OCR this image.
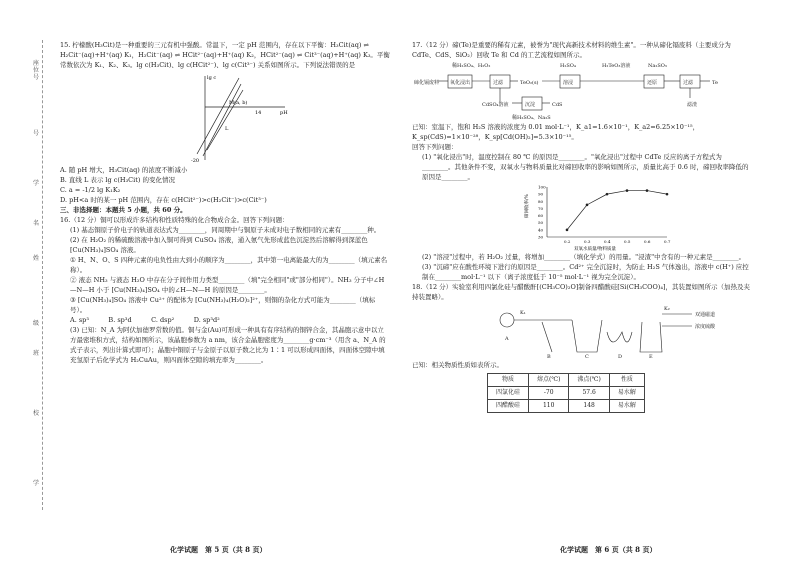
座位号
号
学
名
姓
级
班
校
学

15. 柠檬酸(H₃Cit)是一种重要的三元有机中强酸。常温下，一定 pH 范围内，存在以下平衡：H₃Cit(aq) ⇌ H₂Cit⁻(aq)+H⁺(aq) K₁，H₂Cit⁻(aq) ⇌ HCit²⁻(aq)+H⁺(aq) K₂，HCit²⁻(aq) ⇌ Cit³⁻(aq)+H⁺(aq) K₃。平衡常数依次为 K₁、K₂、K₃。lg c(H₃Cit)、lg c(HCit²⁻)、lg c(Cit³⁻) 关系如图所示。下列说法错误的是

lg c
pH
-20
14
L
M(a, b)

A. 随 pH 增大，H₃Cit(aq) 的浓度不断减小

B. 直线 L 表示 lg c(H₃Cit) 的变化情况

C. a = -1/2 lg K₁K₂

D. pH<a 时的某一 pH 范围内，存在 c(HCit²⁻)>c(H₂Cit⁻)>c(Cit³⁻)

三、非选择题：本题共 5 小题，共 60 分。

16.（12 分）铜可以形成许多结构和性质特殊的化合物成合金。回答下列问题：

(1) 基态铜原子价电子的轨道表达式为________，同周期中与铜原子未成对电子数相同的元素有________种。

(2) 在 H₂O₂ 的稀硫酸溶液中加入铜可得到 CuSO₄ 溶液，通入氨气先形成蓝色沉淀然后溶解得到深蓝色 [Cu(NH₃)₄]SO₄ 溶液。

① H、N、O、S 四种元素的电负性由大到小的顺序为________，其中第一电离能最大的为________（填元素名称）。

② 液态 NH₃ 与液态 H₂O 中存在分子间作用力类型________（填"完全相同"或"部分相同"）。NH₃ 分子中∠H—N—H 小于 [Cu(NH₃)₄]SO₄ 中的∠H—N—H 的原因是________。

③ [Cu(NH₃)₄]SO₄ 溶液中 Cu²⁺ 的配体为 [Cu(NH₃)₄(H₂O)₂]²⁺，则铜的杂化方式可能为________（填标号）。

A. sp³　　　B. sp³d　　　C. dsp²　　　D. sp³d²

(3) 已知：N_A 为阿伏加德罗常数的值。铜与金(Au)可形成一种具有有序结构的铜锌合金，其晶胞示意中以立方最密堆积方式，结构如图所示，该晶胞参数为 a nm，该合金晶胞密度为________g·cm⁻³（用含 a、N_A 的式子表示，列出计算式即可）；晶胞中铜原子与金原子以原子数之比为 1∶1 可以形成四面体，四面体空隙中填充氢原子后化学式为 H₂CuAu，则四面体空隙的填充率为________。

化学试题　第 5 页（共 8 页）

17.（12 分）碲(Te)是重要的稀有元素，被誉为"现代高新技术材料的维生素"。一种从碲化镉废料（主要成分为 CdTe、CdS、SiO₂）回收 Te 和 Cd 的工艺流程如图所示。

稀H₂SO₄、H₂O₂	H₂SO₄	H₂TeO₃溶液	Na₂SO₃
碲化镉废料 氧化浸出	过滤	TeO₂(s)	溶浸	还原	过滤	Te
CdSO₄溶液	沉淀	CdS	滤渣
稀H₂SO₄、Na₂S

已知：室温下，饱和 H₂S 溶液的浓度为 0.01 mol·L⁻¹，K_a1=1.6×10⁻¹，K_a2=6.25×10⁻¹⁵，K_sp(CdS)=1×10⁻²⁸，K_sp[Cd(OH)₂]=5.3×10⁻¹⁵。

回答下列问题：

(1) "氧化浸出"时，温度控制在 80 ℃ 的原因是________。"氧化浸出"过程中 CdTe 反应的离子方程式为________。其他条件不变，双氧水与物料质量比对碲回收率的影响如图所示，质量比高于 0.6 时，碲回收率降低的原因是________。

碲回收率/%
双氧水质量/物料质量
0.2	0.3	0.4	0.5	0.6	0.7
30
40
50
60
70
80
90
100

(2) "溶浸"过程中，若 H₂O₂ 过量，将增加________（填化学式）的用量。"浸渣"中含有的一种元素是________。

(3) "沉碲"应在酸性环境下进行的原因是________。Cd²⁺ 完全沉淀时，为防止 H₂S 气体逸出，溶液中 c(H⁺) 应控制在________mol·L⁻¹ 以下（离子浓度低于 10⁻⁵ mol·L⁻¹ 视为完全沉淀）。

18.（12 分）实验室利用四氯化硅与醋酸酐[(CH₃CO)₂O]制备四醋酸硅[Si(CH₃COO)₄]，其装置如图所示（加热及夹持装置略）。

A
B	C	D	E
K₁
K₂
双通磁道
浓度硫酸

已知：相关物质性质如表所示。

物质	熔点(℃)	沸点(℃)	性质
四氯化硅	-70	57.6	易水解
四醋酸硅	110	148	易水解
化学试题　第 6 页（共 8 页）
